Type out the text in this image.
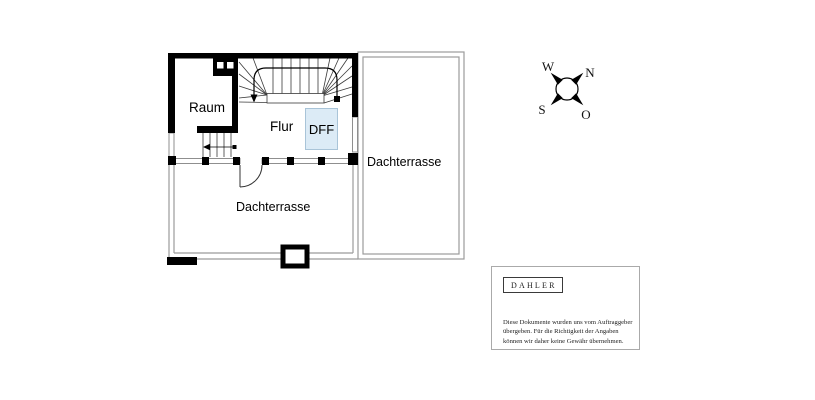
Raum
Flur DFF
Dachterrasse
Dachterrasse
W N
S	O
DAHLER
Diese Dokumente wurden uns vom Auftraggeber
übergeben. Für die Richtigkeit der Angaben
können wir daher keine Gewähr übernehmen.
